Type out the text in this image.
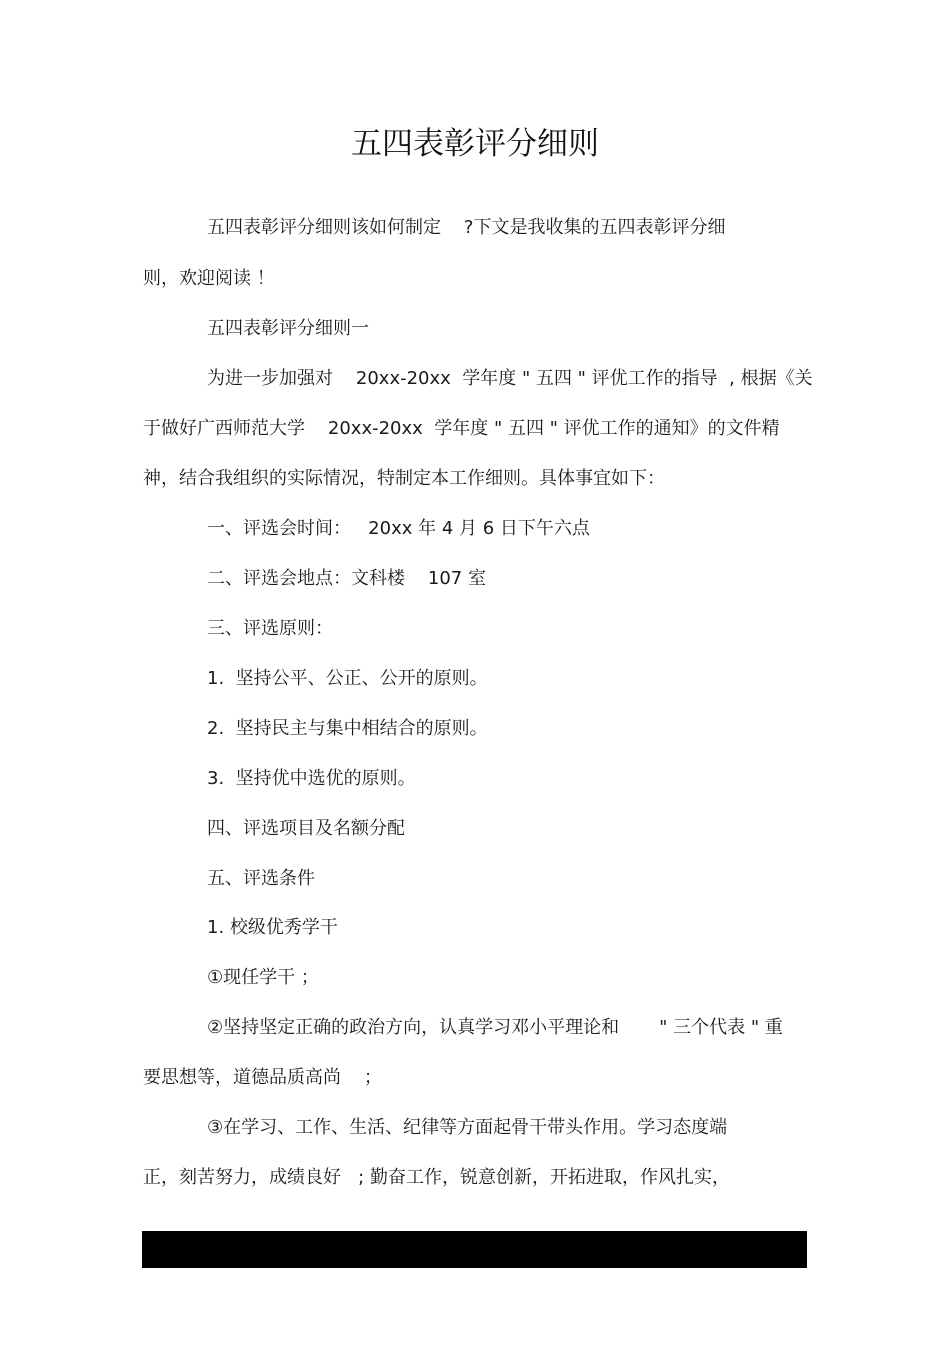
五四表彰评分细则
五四表彰评分细则该如何制定    ?下文是我收集的五四表彰评分细
则，欢迎阅读 ！
五四表彰评分细则一
为进一步加强对    20xx-20xx  学年度 " 五四 " 评优工作的指导  , 根据《关
于做好广西师范大学    20xx-20xx  学年度 " 五四 " 评优工作的通知》的文件精
神，结合我组织的实际情况，特制定本工作细则。具体事宜如下：
一、评选会时间：   20xx 年 4 月 6 日下午六点
二、评选会地点：文科楼    107 室
三、评选原则：
1.  坚持公平、公正、公开的原则。
2.  坚持民主与集中相结合的原则。
3.  坚持优中选优的原则。
四、评选项目及名额分配
五、评选条件
1. 校级优秀学干
①现任学干 ；
②坚持坚定正确的政治方向，认真学习邓小平理论和       " 三个代表 " 重
要思想等，道德品质高尚    ；
③在学习、工作、生活、纪律等方面起骨干带头作用。学习态度端
正，刻苦努力，成绩良好   ; 勤奋工作，锐意创新，开拓进取，作风扎实，
